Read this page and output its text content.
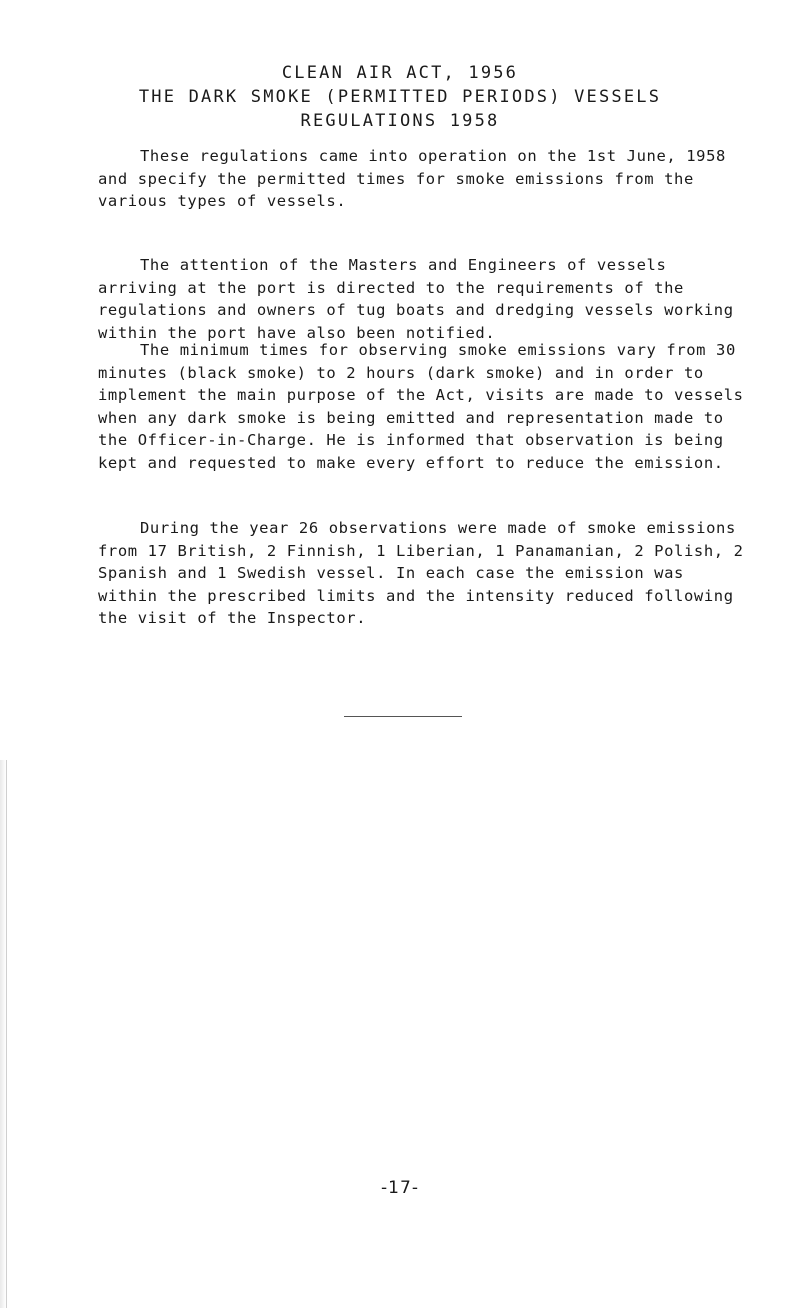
CLEAN AIR ACT, 1956
THE DARK SMOKE (PERMITTED PERIODS) VESSELS
REGULATIONS 1958
These regulations came into operation on the 1st June, 1958 and specify the permitted times for smoke emissions from the various types of vessels.
The attention of the Masters and Engineers of vessels arriving at the port is directed to the requirements of the regulations and owners of tug boats and dredging vessels working within the port have also been notified.
The minimum times for observing smoke emissions vary from 30 minutes (black smoke) to 2 hours (dark smoke) and in order to implement the main purpose of the Act, visits are made to vessels when any dark smoke is being emitted and representation made to the Officer-in-Charge. He is informed that observation is being kept and requested to make every effort to reduce the emission.
During the year 26 observations were made of smoke emissions from 17 British, 2 Finnish, 1 Liberian, 1 Panamanian, 2 Polish, 2 Spanish and 1 Swedish vessel. In each case the emission was within the prescribed limits and the intensity reduced following the visit of the Inspector.
-17-
